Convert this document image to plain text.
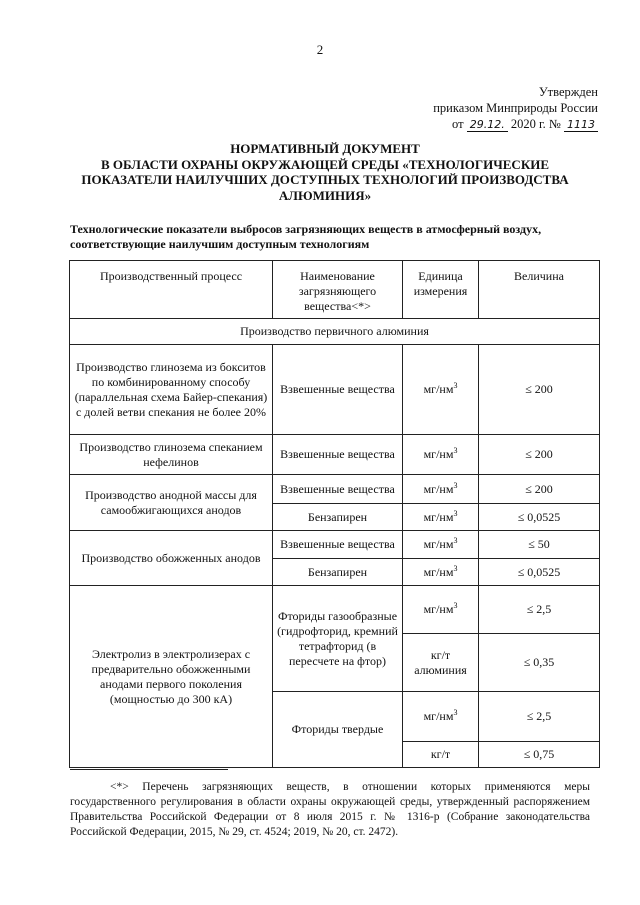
2
Утвержден
приказом Минприроды России
от 29.12. 2020 г. № 1113
НОРМАТИВНЫЙ ДОКУМЕНТ
В ОБЛАСТИ ОХРАНЫ ОКРУЖАЮЩЕЙ СРЕДЫ «ТЕХНОЛОГИЧЕСКИЕ
ПОКАЗАТЕЛИ НАИЛУЧШИХ ДОСТУПНЫХ ТЕХНОЛОГИЙ ПРОИЗВОДСТВА
АЛЮМИНИЯ»
Технологические показатели выбросов загрязняющих веществ в атмосферный воздух, соответствующие наилучшим доступным технологиям
Производственный процесс	Наименование загрязняющего вещества<*>	Единица измерения	Величина
Производство первичного алюминия			
Производство глинозема из бокситов по комбинированному способу (параллельная схема Байер-спекания) с долей ветви спекания не более 20%	Взвешенные вещества	$мг/нм^3$	≤ 200
Производство глинозема спеканием нефелинов	Взвешенные вещества	$мг/нм^3$	≤ 200
Производство анодной массы для самообжигающихся анодов	Взвешенные вещества	$мг/нм^3$	≤ 200
	Бензапирен	$мг/нм^3$	≤ 0,0525
Производство обожженных анодов	Взвешенные вещества	$мг/нм^3$	≤ 50
	Бензапирен	$мг/нм^3$	≤ 0,0525
Электролиз в электролизерах с предварительно обожженными анодами первого поколения (мощностью до 300 кА)	Фториды газообразные (гидрофторид, кремний тетрафторид (в пересчете на фтор)	$мг/нм^3$	≤ 2,5
		кг/т алюминия	≤ 0,35
	Фториды твердые	$мг/нм^3$	≤ 2,5
		кг/т	≤ 0,75
<*> Перечень загрязняющих веществ, в отношении которых применяются меры государственного регулирования в области охраны окружающей среды, утвержденный распоряжением Правительства Российской Федерации от 8 июля 2015 г. № 1316-р (Собрание законодательства Российской Федерации, 2015, № 29, ст. 4524; 2019, № 20, ст. 2472).
